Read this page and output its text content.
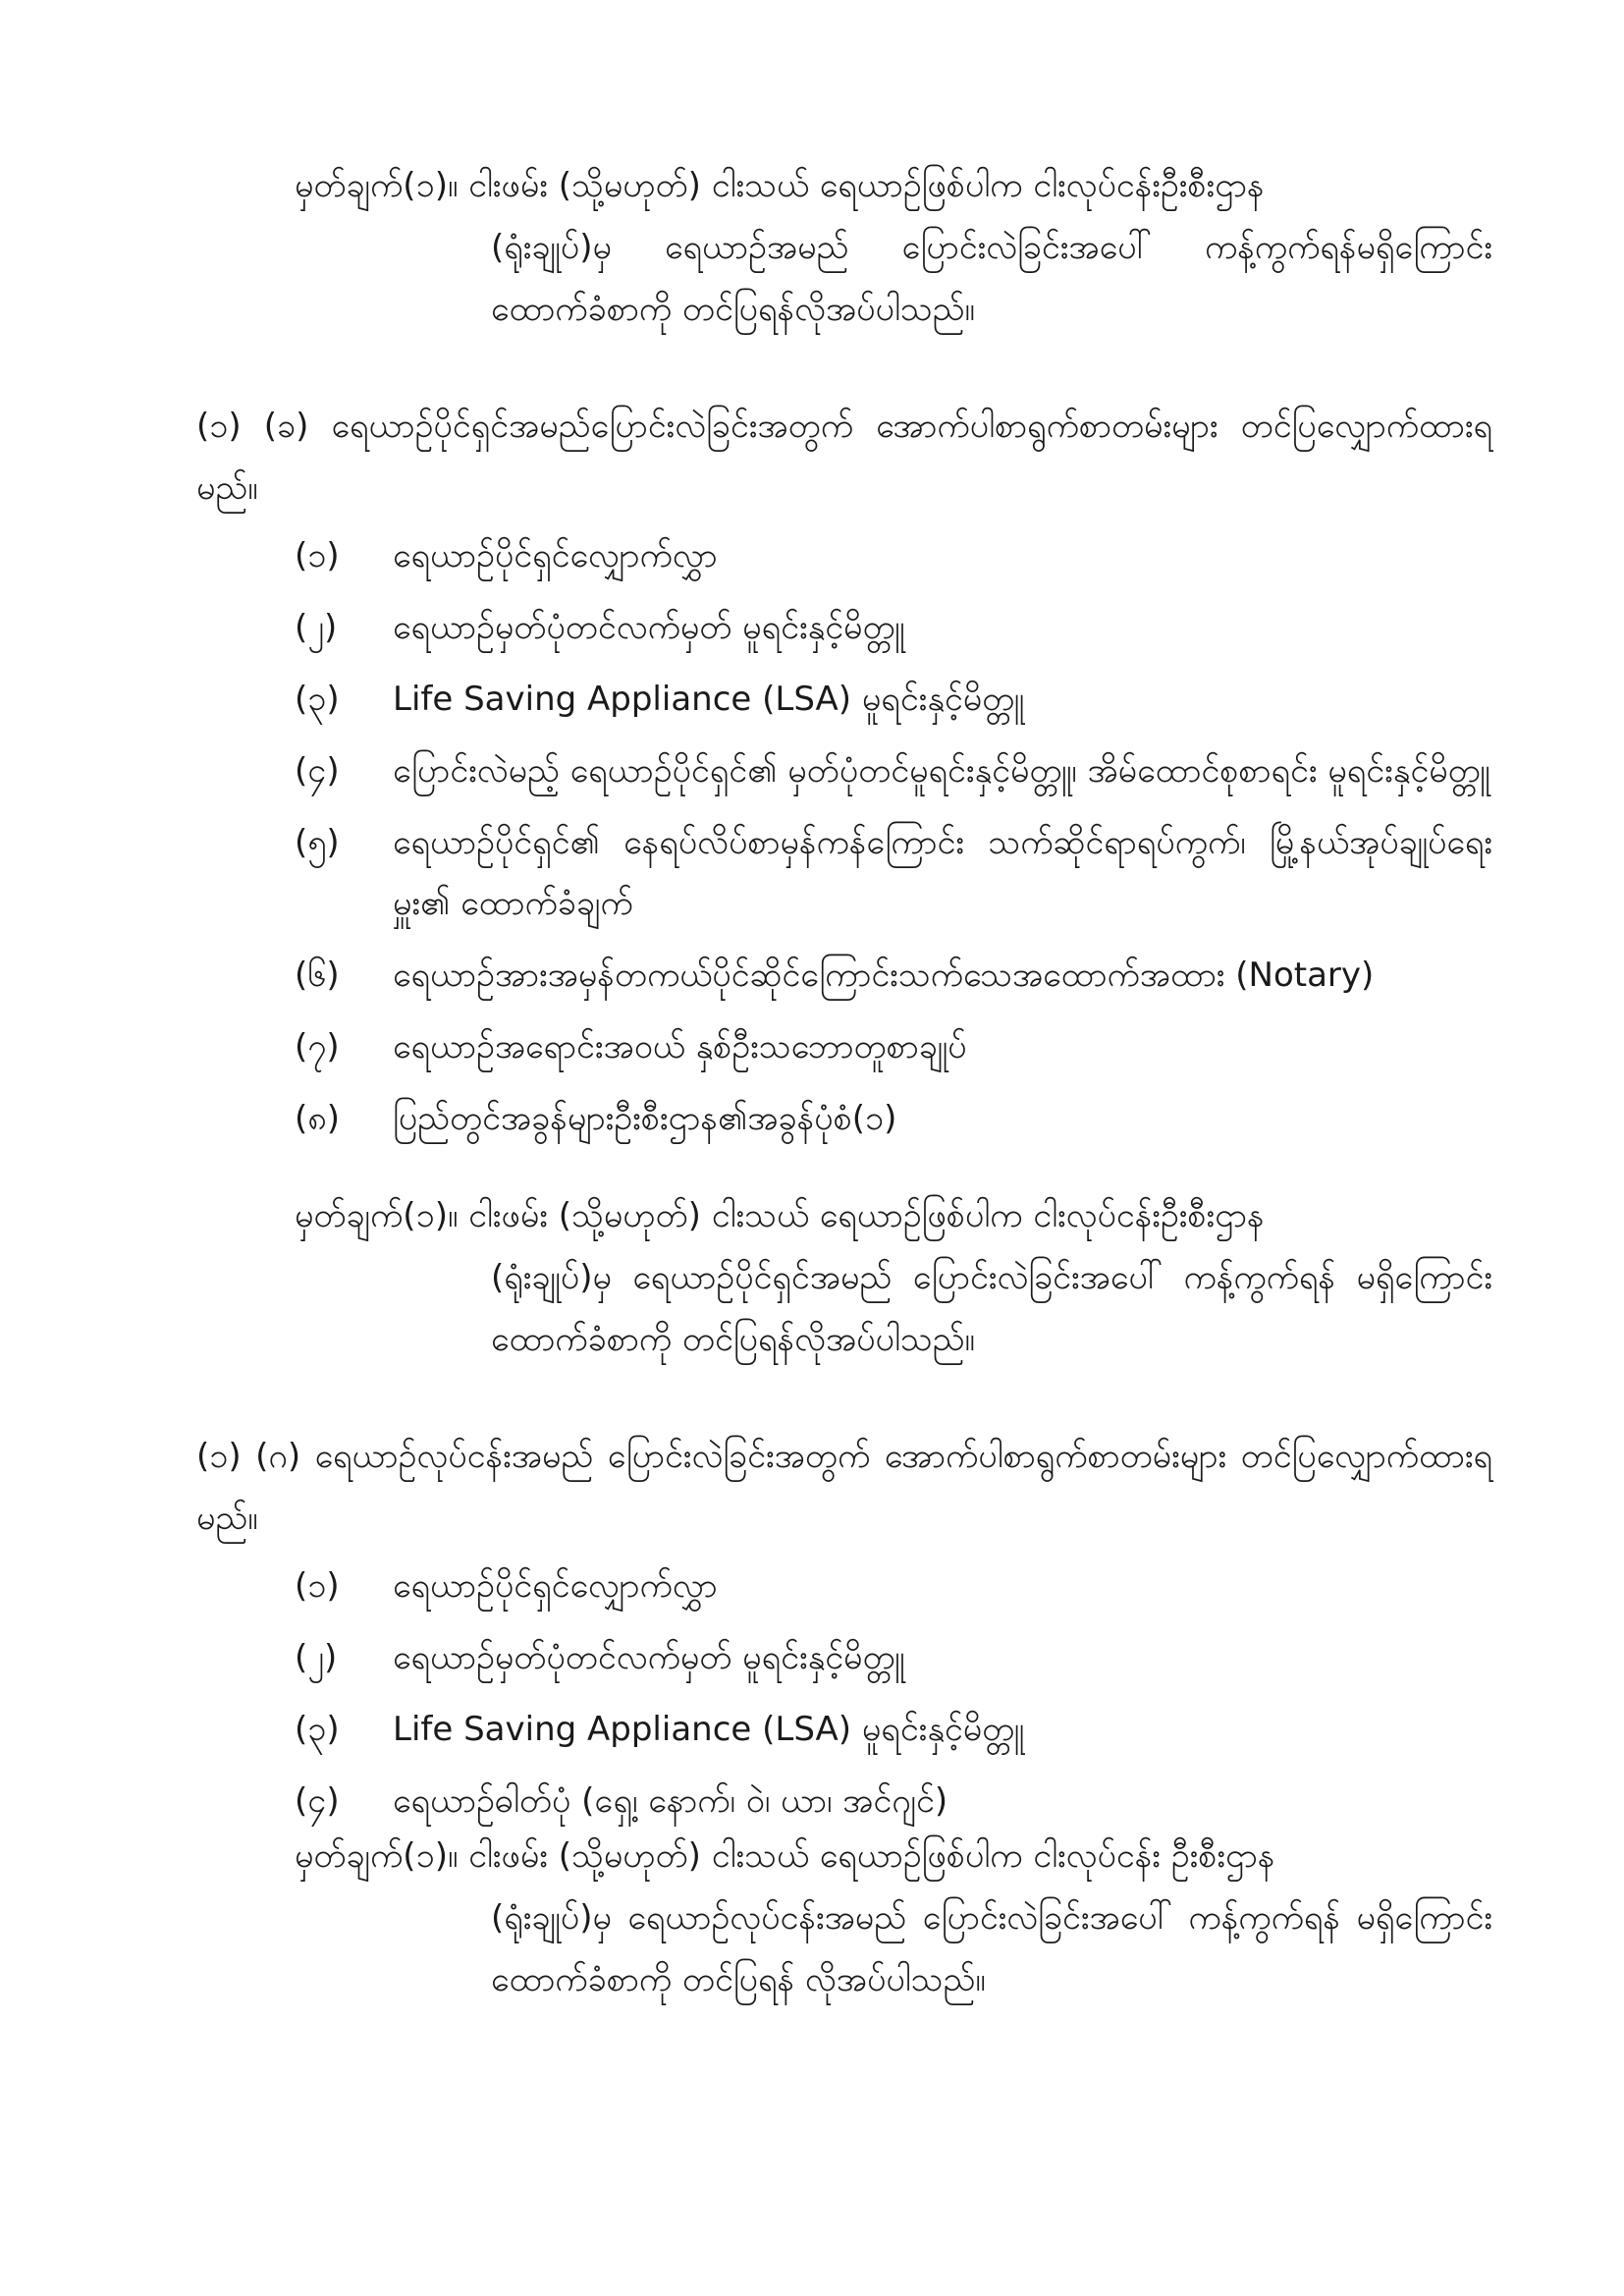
မှတ်ချက်(၁)။ ငါးဖမ်း (သို့မဟုတ်) ငါးသယ် ရေယာဉ်ဖြစ်ပါက ငါးလုပ်ငန်းဦးစီးဌာန
(ရုံးချုပ်)မှ ရေယာဉ်အမည် ပြောင်းလဲခြင်းအပေါ် ကန့်ကွက်ရန်မရှိကြောင်း ထောက်ခံစာကို တင်ပြရန်လိုအပ်ပါသည်။
(၁) (ခ) ရေယာဉ်ပိုင်ရှင်အမည်ပြောင်းလဲခြင်းအတွက် အောက်ပါစာရွက်စာတမ်းများ တင်ပြလျှောက်ထားရမည်။
(၁)	ရေယာဉ်ပိုင်ရှင်လျှောက်လွှာ
(၂)	ရေယာဉ်မှတ်ပုံတင်လက်မှတ် မူရင်းနှင့်မိတ္တူ
(၃)	Life Saving Appliance (LSA) မူရင်းနှင့်မိတ္တူ
(၄)	ပြောင်းလဲမည့် ရေယာဉ်ပိုင်ရှင်၏ မှတ်ပုံတင်မူရင်းနှင့်မိတ္တူ၊ အိမ်ထောင်စုစာရင်း မူရင်းနှင့်မိတ္တူ
(၅)	ရေယာဉ်ပိုင်ရှင်၏ နေရပ်လိပ်စာမှန်ကန်ကြောင်း သက်ဆိုင်ရာရပ်ကွက်၊ မြို့နယ်အုပ်ချုပ်ရေးမှူး၏ ထောက်ခံချက်
(၆)	ရေယာဉ်အားအမှန်တကယ်ပိုင်ဆိုင်ကြောင်းသက်သေအထောက်အထား (Notary)
(၇)	ရေယာဉ်အရောင်းအဝယ် နှစ်ဦးသဘောတူစာချုပ်
(၈)	ပြည်တွင်အခွန်များဦးစီးဌာန၏အခွန်ပုံစံ(၁)
မှတ်ချက်(၁)။ ငါးဖမ်း (သို့မဟုတ်) ငါးသယ် ရေယာဉ်ဖြစ်ပါက ငါးလုပ်ငန်းဦးစီးဌာန
(ရုံးချုပ်)မှ ရေယာဉ်ပိုင်ရှင်အမည် ပြောင်းလဲခြင်းအပေါ် ကန့်ကွက်ရန် မရှိကြောင်းထောက်ခံစာကို တင်ပြရန်လိုအပ်ပါသည်။
(၁) (ဂ) ရေယာဉ်လုပ်ငန်းအမည် ပြောင်းလဲခြင်းအတွက် အောက်ပါစာရွက်စာတမ်းများ တင်ပြလျှောက်ထားရမည်။
(၁)	ရေယာဉ်ပိုင်ရှင်လျှောက်လွှာ
(၂)	ရေယာဉ်မှတ်ပုံတင်လက်မှတ် မူရင်းနှင့်မိတ္တူ
(၃)	Life Saving Appliance (LSA) မူရင်းနှင့်မိတ္တူ
(၄)	ရေယာဉ်ဓါတ်ပုံ (ရှေ့၊ နောက်၊ ဝဲ၊ ယာ၊ အင်ဂျင်)
မှတ်ချက်(၁)။ ငါးဖမ်း (သို့မဟုတ်) ငါးသယ် ရေယာဉ်ဖြစ်ပါက ငါးလုပ်ငန်း ဦးစီးဌာန
(ရုံးချုပ်)မှ ရေယာဉ်လုပ်ငန်းအမည် ပြောင်းလဲခြင်းအပေါ် ကန့်ကွက်ရန် မရှိကြောင်းထောက်ခံစာကို တင်ပြရန် လိုအပ်ပါသည်။
